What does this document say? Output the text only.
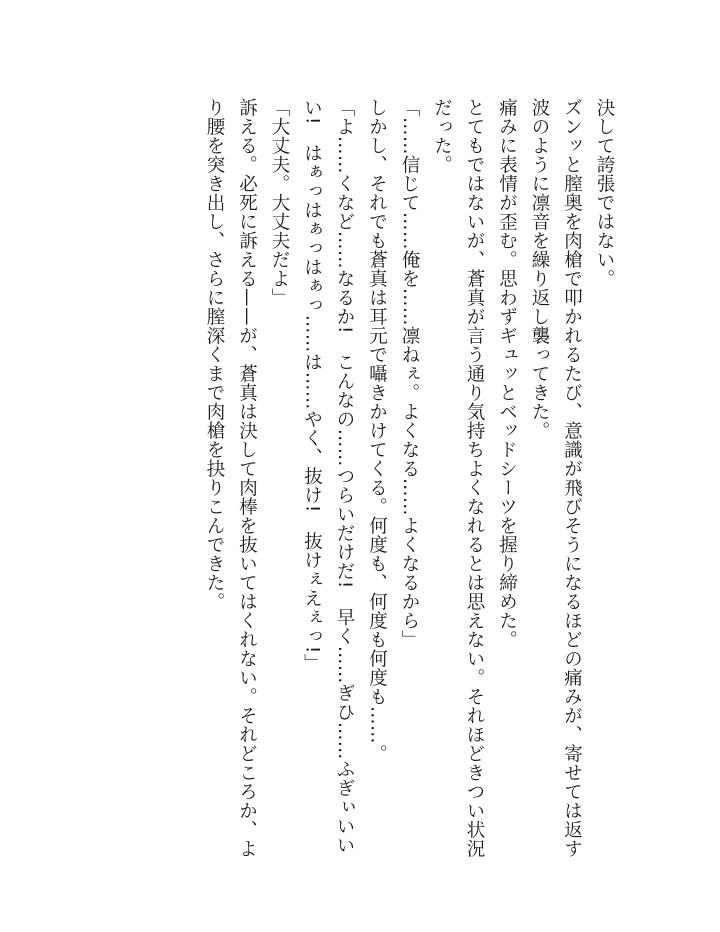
決して誇張ではない。

ズンッと膣奥を肉槍で叩かれるたび、意識が飛びそうになるほどの痛みが、寄せては返す波のように凛音を繰り返し襲ってきた。

痛みに表情が歪む。思わずギュッとベッドシーツを握り締めた。

とてもではないが、蒼真が言う通り気持ちよくなれるとは思えない。それほどきつい状況だった。

「……信じて……俺を……凛ねぇ。よくなる……よくなるから」

しかし、それでも蒼真は耳元で囁きかけてくる。何度も、何度も何度も……。

「よ……くなど……なるか!　こんなの……つらいだけだ!　早く……ぎひ……ふぎぃいいい!　はぁっはぁっはぁっ……は……やく、抜け!　抜けぇえぇっ!」

「大丈夫。大丈夫だよ」

訴える。必死に訴える——が、蒼真は決して肉棒を抜いてはくれない。それどころか、より腰を突き出し、さらに膣深くまで肉槍を抉りこんできた。
